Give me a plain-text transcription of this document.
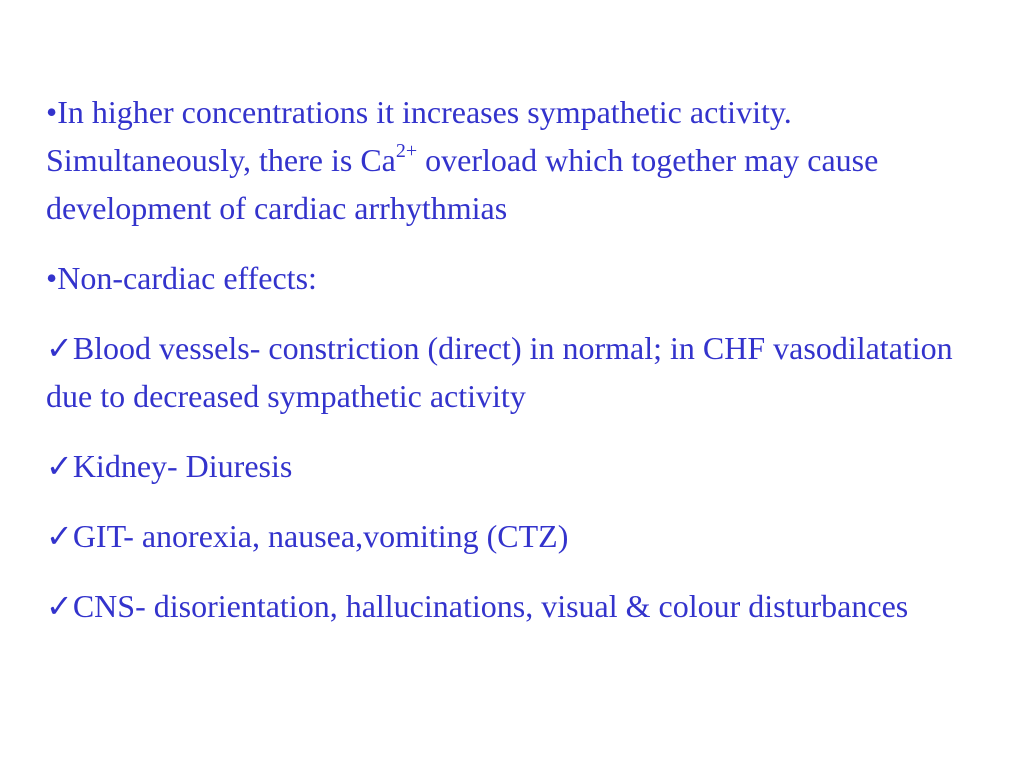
•In higher concentrations it increases sympathetic activity. Simultaneously, there is $Ca^{2+}$ overload which together may cause development of cardiac arrhythmias

•Non-cardiac effects:

✓Blood vessels- constriction (direct) in normal; in CHF vasodilatation due to decreased sympathetic activity

✓Kidney- Diuresis

✓GIT- anorexia, nausea,vomiting (CTZ)

✓CNS- disorientation, hallucinations, visual & colour disturbances
